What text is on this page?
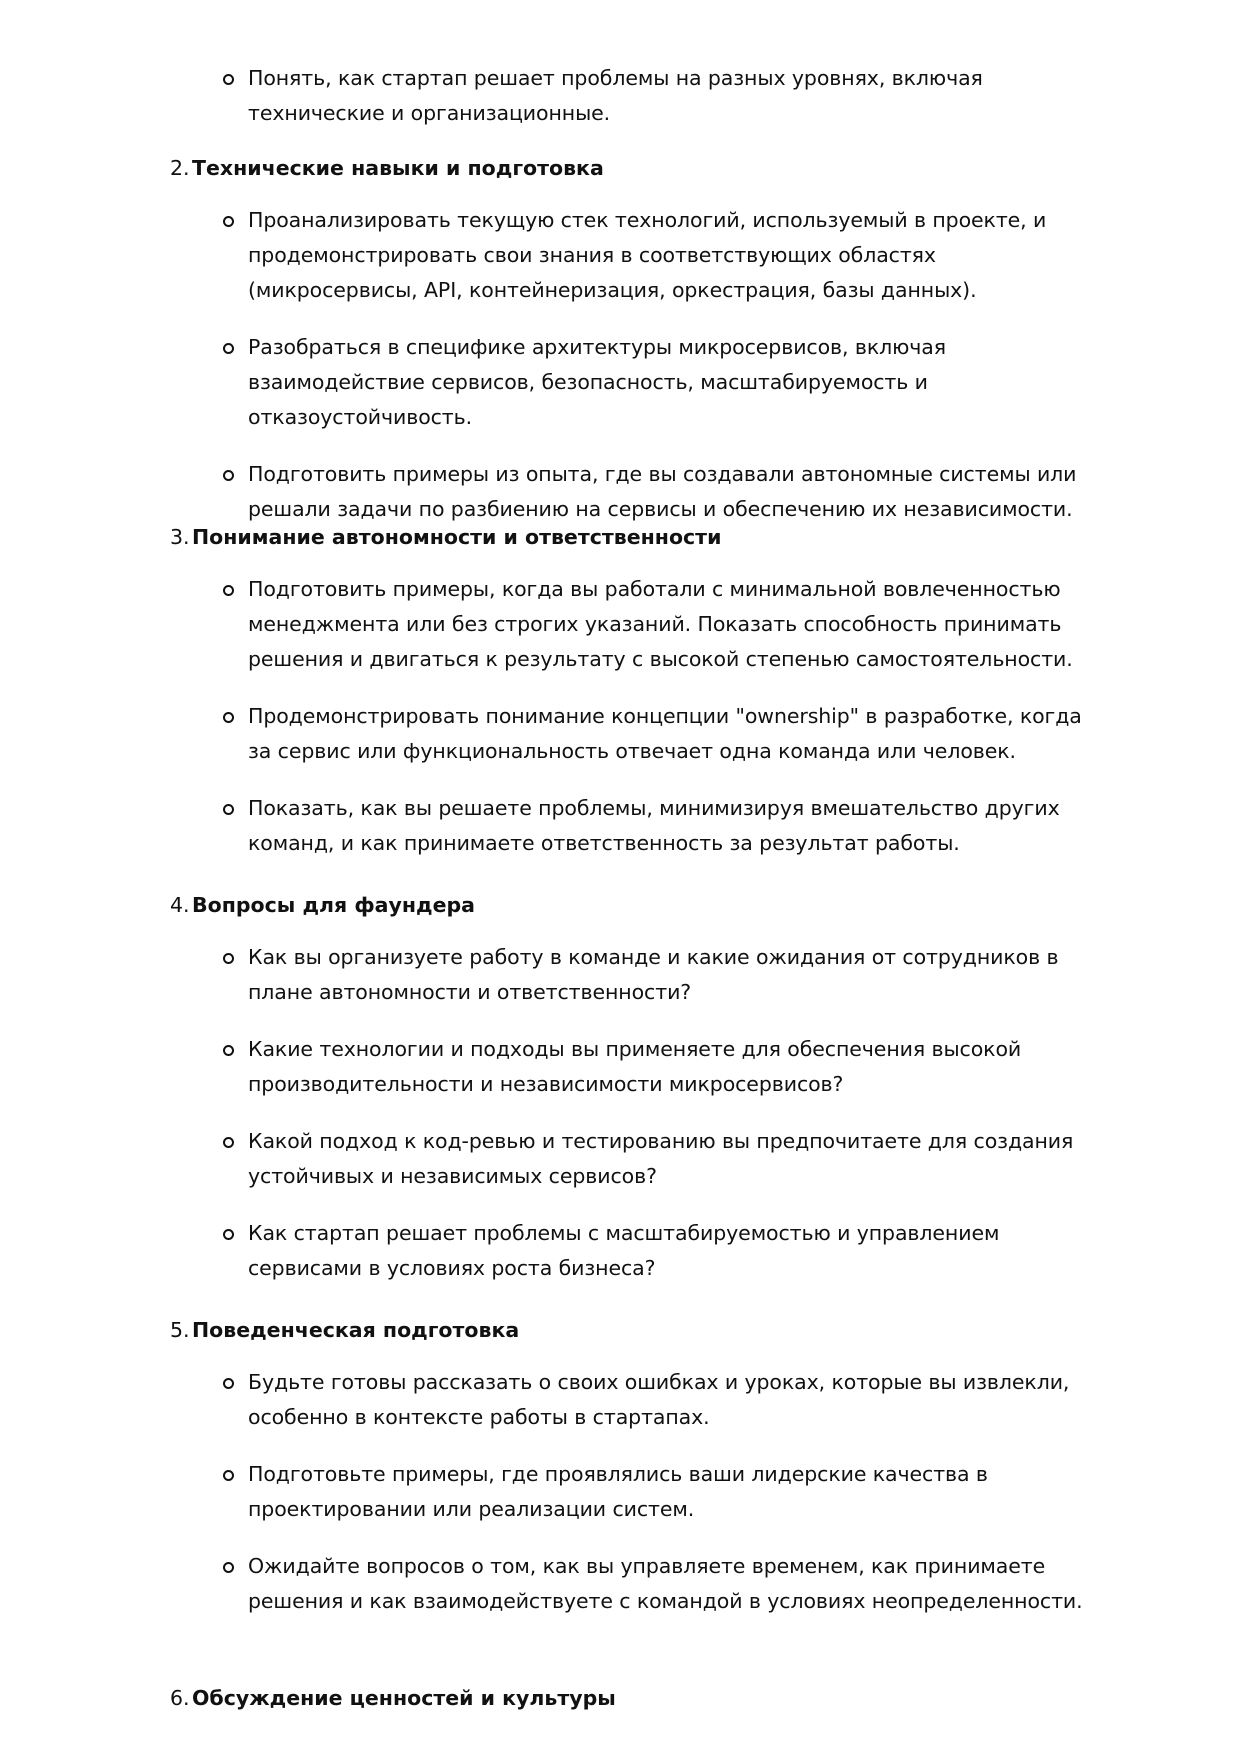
Понять, как стартап решает проблемы на разных уровнях, включая технические и организационные.
2. Технические навыки и подготовка
Проанализировать текущую стек технологий, используемый в проекте, и продемонстрировать свои знания в соответствующих областях (микросервисы, API, контейнеризация, оркестрация, базы данных).
Разобраться в специфике архитектуры микросервисов, включая взаимодействие сервисов, безопасность, масштабируемость и отказоустойчивость.
Подготовить примеры из опыта, где вы создавали автономные системы или решали задачи по разбиению на сервисы и обеспечению их независимости.
3. Понимание автономности и ответственности
Подготовить примеры, когда вы работали с минимальной вовлеченностью менеджмента или без строгих указаний. Показать способность принимать решения и двигаться к результату с высокой степенью самостоятельности.
Продемонстрировать понимание концепции "ownership" в разработке, когда за сервис или функциональность отвечает одна команда или человек.
Показать, как вы решаете проблемы, минимизируя вмешательство других команд, и как принимаете ответственность за результат работы.
4. Вопросы для фаундера
Как вы организуете работу в команде и какие ожидания от сотрудников в плане автономности и ответственности?
Какие технологии и подходы вы применяете для обеспечения высокой производительности и независимости микросервисов?
Какой подход к код-ревью и тестированию вы предпочитаете для создания устойчивых и независимых сервисов?
Как стартап решает проблемы с масштабируемостью и управлением сервисами в условиях роста бизнеса?
5. Поведенческая подготовка
Будьте готовы рассказать о своих ошибках и уроках, которые вы извлекли, особенно в контексте работы в стартапах.
Подготовьте примеры, где проявлялись ваши лидерские качества в проектировании или реализации систем.
Ожидайте вопросов о том, как вы управляете временем, как принимаете решения и как взаимодействуете с командой в условиях неопределенности.
6. Обсуждение ценностей и культуры
